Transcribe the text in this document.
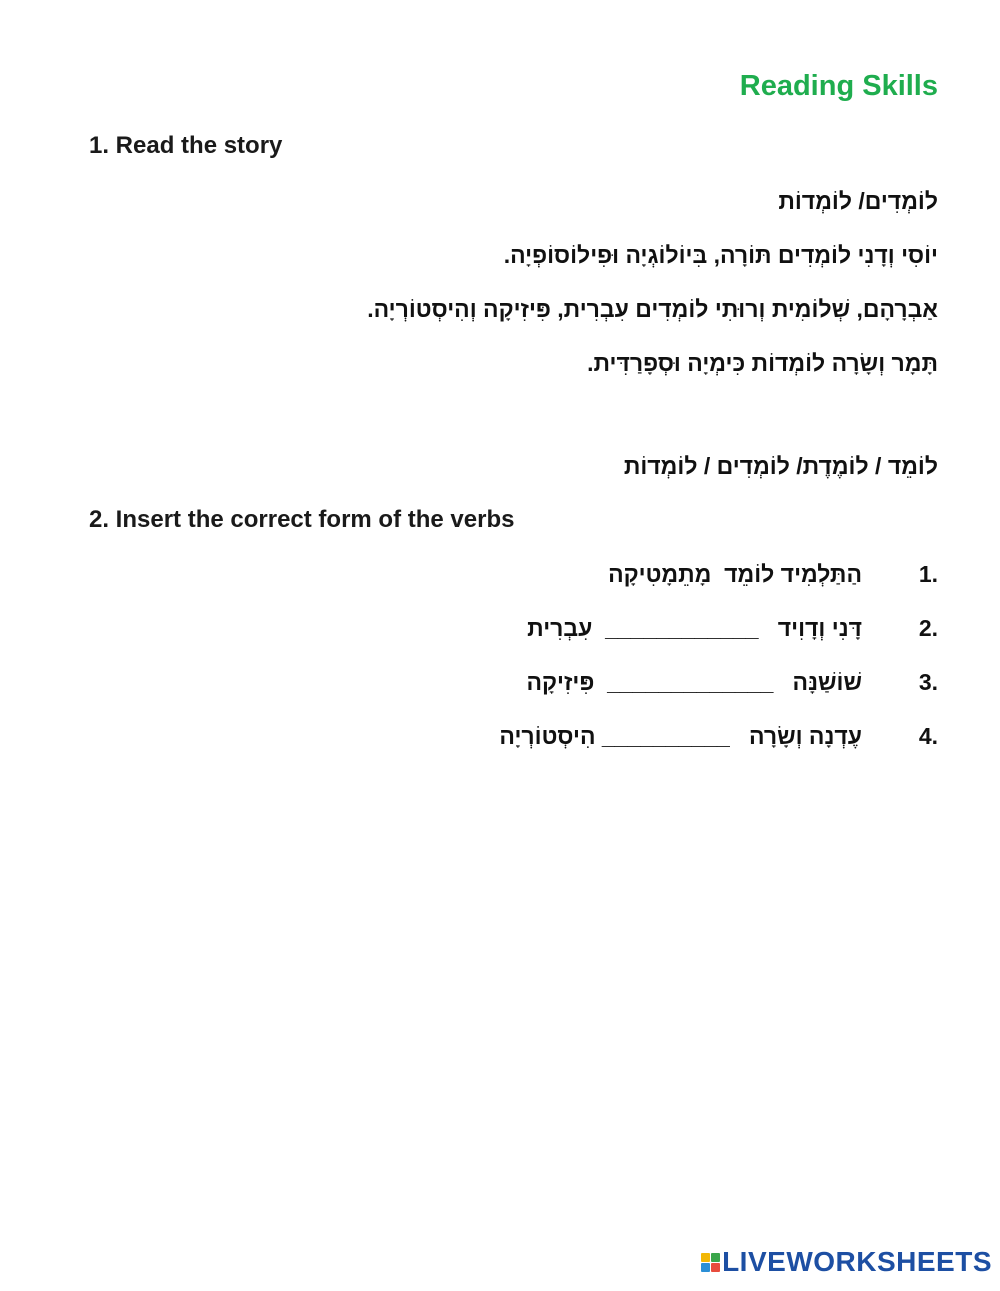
Reading Skills
1. Read the story
לוֹמְדִים/ לוֹמְדוֹת
יוֹסִי וְדָנִי לוֹמְדִים תּוֹרָה, בִּיוֹלוֹגְיָה וּפִילוֹסוֹפְיָה.
אַבְרָהָם, שְׁלוֹמִית וְרוּתִי לוֹמְדִים עִבְרִית, פִּיזִיקָה וְהִיסְטוֹרְיָה.
תָּמָר וְשָׂרָה לוֹמְדוֹת כִּימְיָה וּסְפָרַדִּית.
לוֹמֵד / לוֹמֶדֶת/ לוֹמְדִים / לוֹמְדוֹת
2. Insert the correct form of the verbs
1.
הַתַּלְמִיד לוֹמֵד  מָתֵמָטִיקָה
2.
דָּנִי וְדָוִיד   ____________  עִבְרִית
3.
שׁוֹשַׁנָּה   _____________  פִּיזִיקָה
4.
עֶדְנָה וְשָׂרָה   __________ הִיסְטוֹרְיָה
LIVEWORKSHEETS
